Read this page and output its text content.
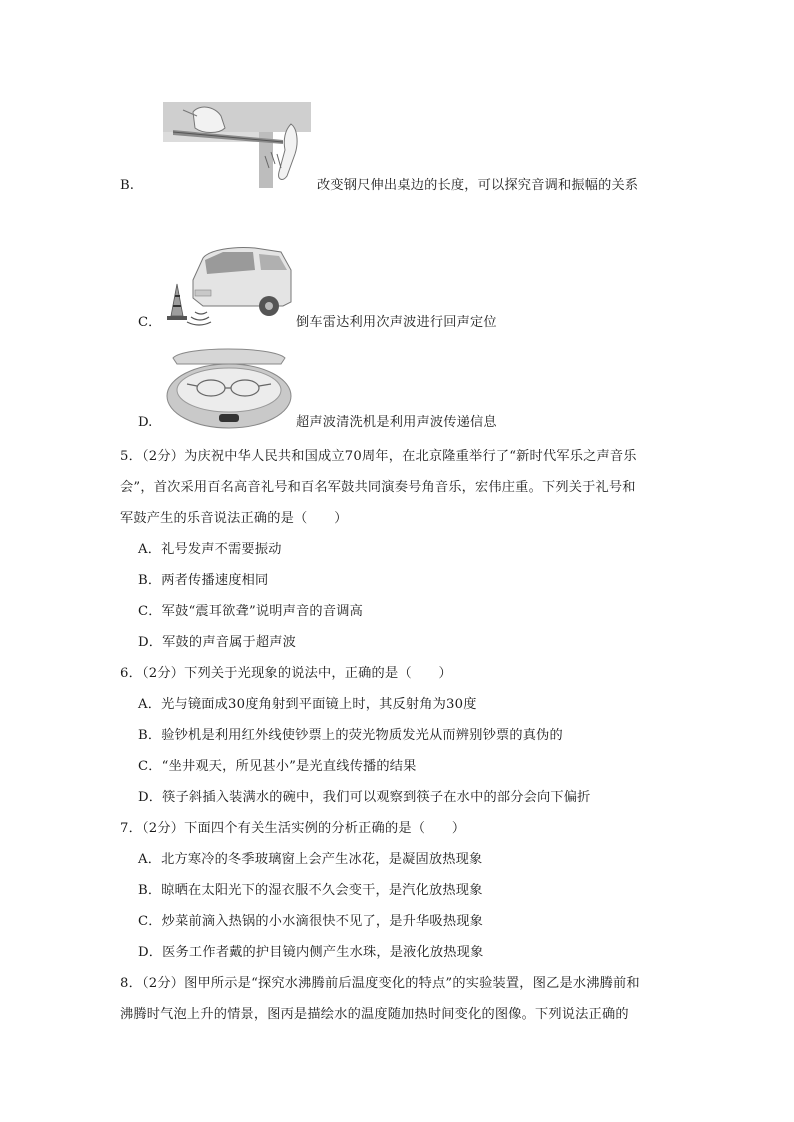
B.	改变钢尺伸出桌边的长度，可以探究音调和振幅的关系
C．	倒车雷达利用次声波进行回声定位
D.	超声波清洗机是利用声波传递信息
5．（2分）为庆祝中华人民共和国成立70周年，在北京隆重举行了“新时代军乐之声音乐
会”，首次采用百名高音礼号和百名军鼓共同演奏号角音乐，宏伟庄重。下列关于礼号和
军鼓产生的乐音说法正确的是（　　）
A．礼号发声不需要振动
B．两者传播速度相同
C．军鼓“震耳欲聋”说明声音的音调高
D．军鼓的声音属于超声波
6．（2分）下列关于光现象的说法中，正确的是（　　）
A．光与镜面成30度角射到平面镜上时，其反射角为30度
B．验钞机是利用红外线使钞票上的荧光物质发光从而辨别钞票的真伪的
C．“坐井观天，所见甚小”是光直线传播的结果
D．筷子斜插入装满水的碗中，我们可以观察到筷子在水中的部分会向下偏折
7．（2分）下面四个有关生活实例的分析正确的是（　　）
A．北方寒冷的冬季玻璃窗上会产生冰花，是凝固放热现象
B．晾晒在太阳光下的湿衣服不久会变干，是汽化放热现象
C．炒菜前滴入热锅的小水滴很快不见了，是升华吸热现象
D．医务工作者戴的护目镜内侧产生水珠，是液化放热现象
8．（2分）图甲所示是“探究水沸腾前后温度变化的特点”的实验装置，图乙是水沸腾前和
沸腾时气泡上升的情景，图丙是描绘水的温度随加热时间变化的图像。下列说法正确的
